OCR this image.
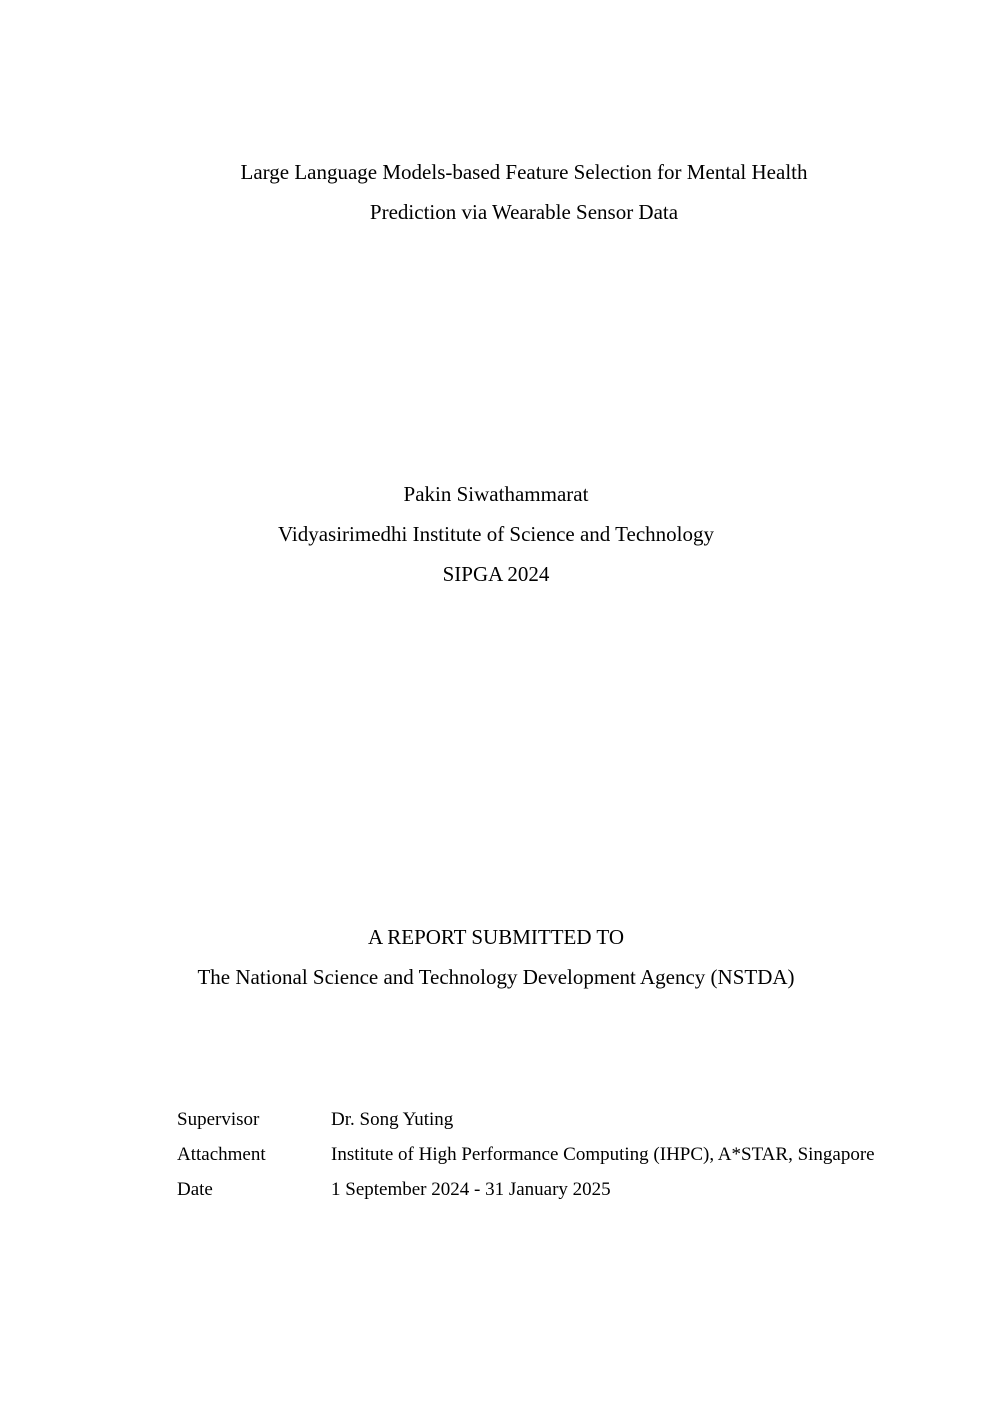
Large Language Models-based Feature Selection for Mental Health
Prediction via Wearable Sensor Data
Pakin Siwathammarat
Vidyasirimedhi Institute of Science and Technology
SIPGA 2024
A REPORT SUBMITTED TO
The National Science and Technology Development Agency (NSTDA)
Supervisor	Dr. Song Yuting
Attachment	Institute of High Performance Computing (IHPC), A*STAR, Singapore
Date	1 September 2024 - 31 January 2025
